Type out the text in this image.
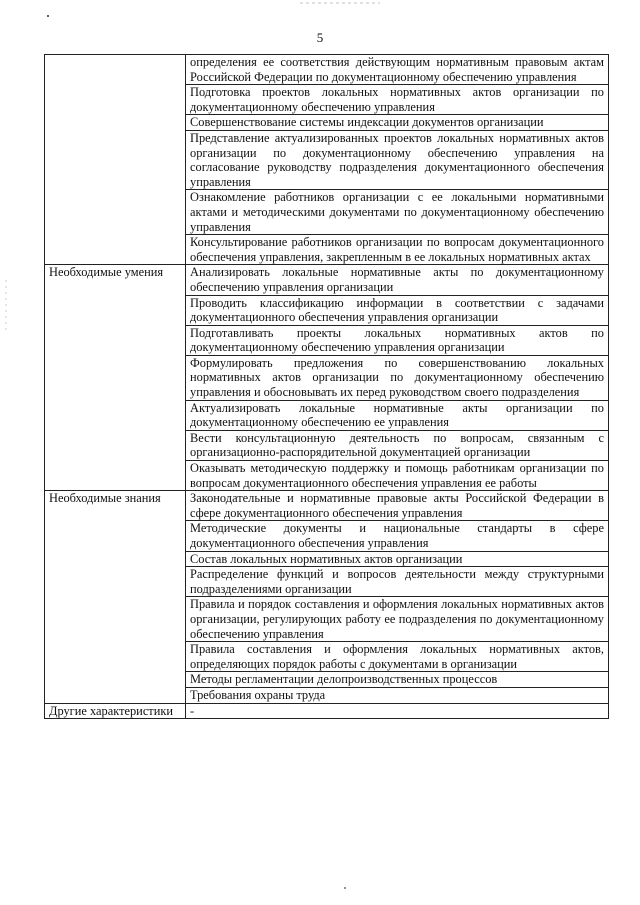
5
	определения ее соответствия действующим нормативным правовым актам Российской Федерации по документационному обеспечению управления
	Подготовка проектов локальных нормативных актов организации по документационному обеспечению управления
	Совершенствование системы индексации документов организации
	Представление актуализированных проектов локальных нормативных актов организации по документационному обеспечению управления на согласование руководству подразделения документационного обеспечения управления
	Ознакомление работников организации с ее локальными нормативными актами и методическими документами по документационному обеспечению управления
	Консультирование работников организации по вопросам документационного обеспечения управления, закрепленным в ее локальных нормативных актах
Необходимые умения	Анализировать локальные нормативные акты по документационному обеспечению управления организации
	Проводить классификацию информации в соответствии с задачами документационного обеспечения управления организации
	Подготавливать проекты локальных нормативных актов по документационному обеспечению управления организации
	Формулировать предложения по совершенствованию локальных нормативных актов организации по документационному обеспечению управления и обосновывать их перед руководством своего подразделения
	Актуализировать локальные нормативные акты организации по документационному обеспечению ее управления
	Вести консультационную деятельность по вопросам, связанным с организационно-распорядительной документацией организации
	Оказывать методическую поддержку и помощь работникам организации по вопросам документационного обеспечения управления ее работы
Необходимые знания	Законодательные и нормативные правовые акты Российской Федерации в сфере документационного обеспечения управления
	Методические документы и национальные стандарты в сфере документационного обеспечения управления
	Состав локальных нормативных актов организации
	Распределение функций и вопросов деятельности между структурными подразделениями организации
	Правила и порядок составления и оформления локальных нормативных актов организации, регулирующих работу ее подразделения по документационному обеспечению управления
	Правила составления и оформления локальных нормативных актов, определяющих порядок работы с документами в организации
	Методы регламентации делопроизводственных процессов
	Требования охраны труда
Другие характеристики	-
